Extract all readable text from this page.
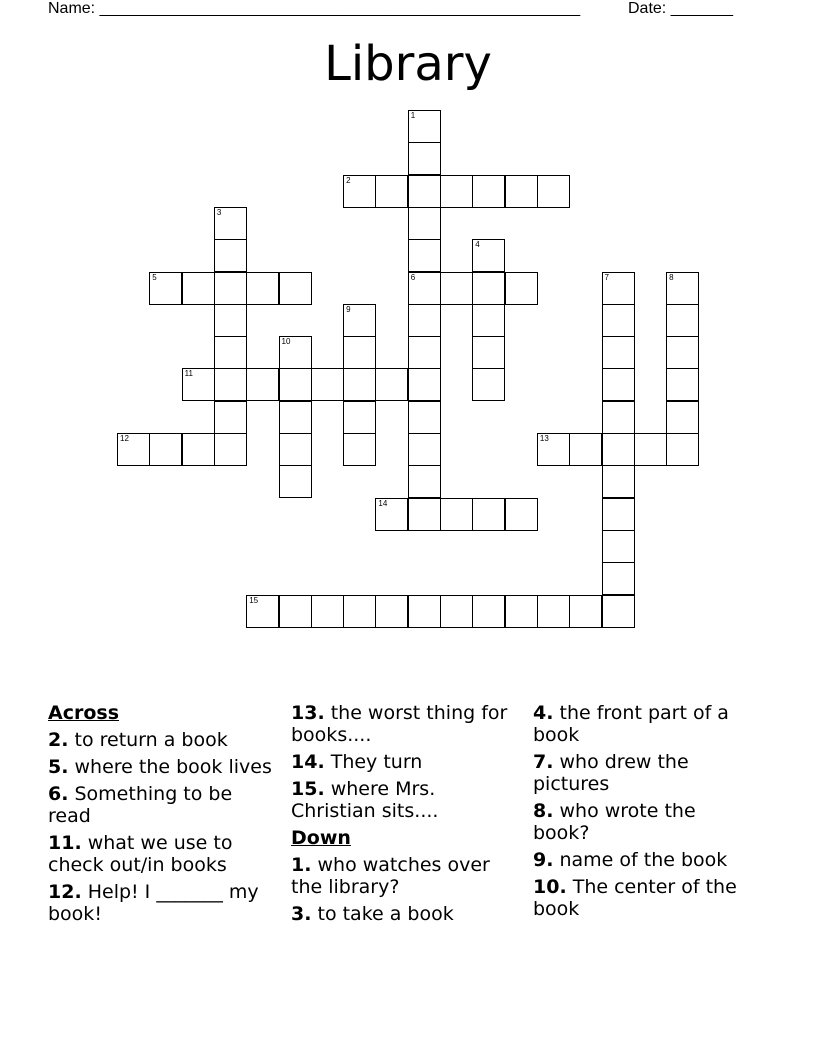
Name: ______________________________________________________	Date: _______
Library
1
6
2
3
4
5	7	8
9
10
11
12	13
14
15
Across
2. to return a book
5. where the book lives
6. Something to be read
11. what we use to check out/in books
12. Help! I _______ my book!
13. the worst thing for books....
14. They turn
15. where Mrs. Christian sits....
Down
1. who watches over the library?
3. to take a book
4. the front part of a book
7. who drew the pictures
8. who wrote the book?
9. name of the book
10. The center of the book
